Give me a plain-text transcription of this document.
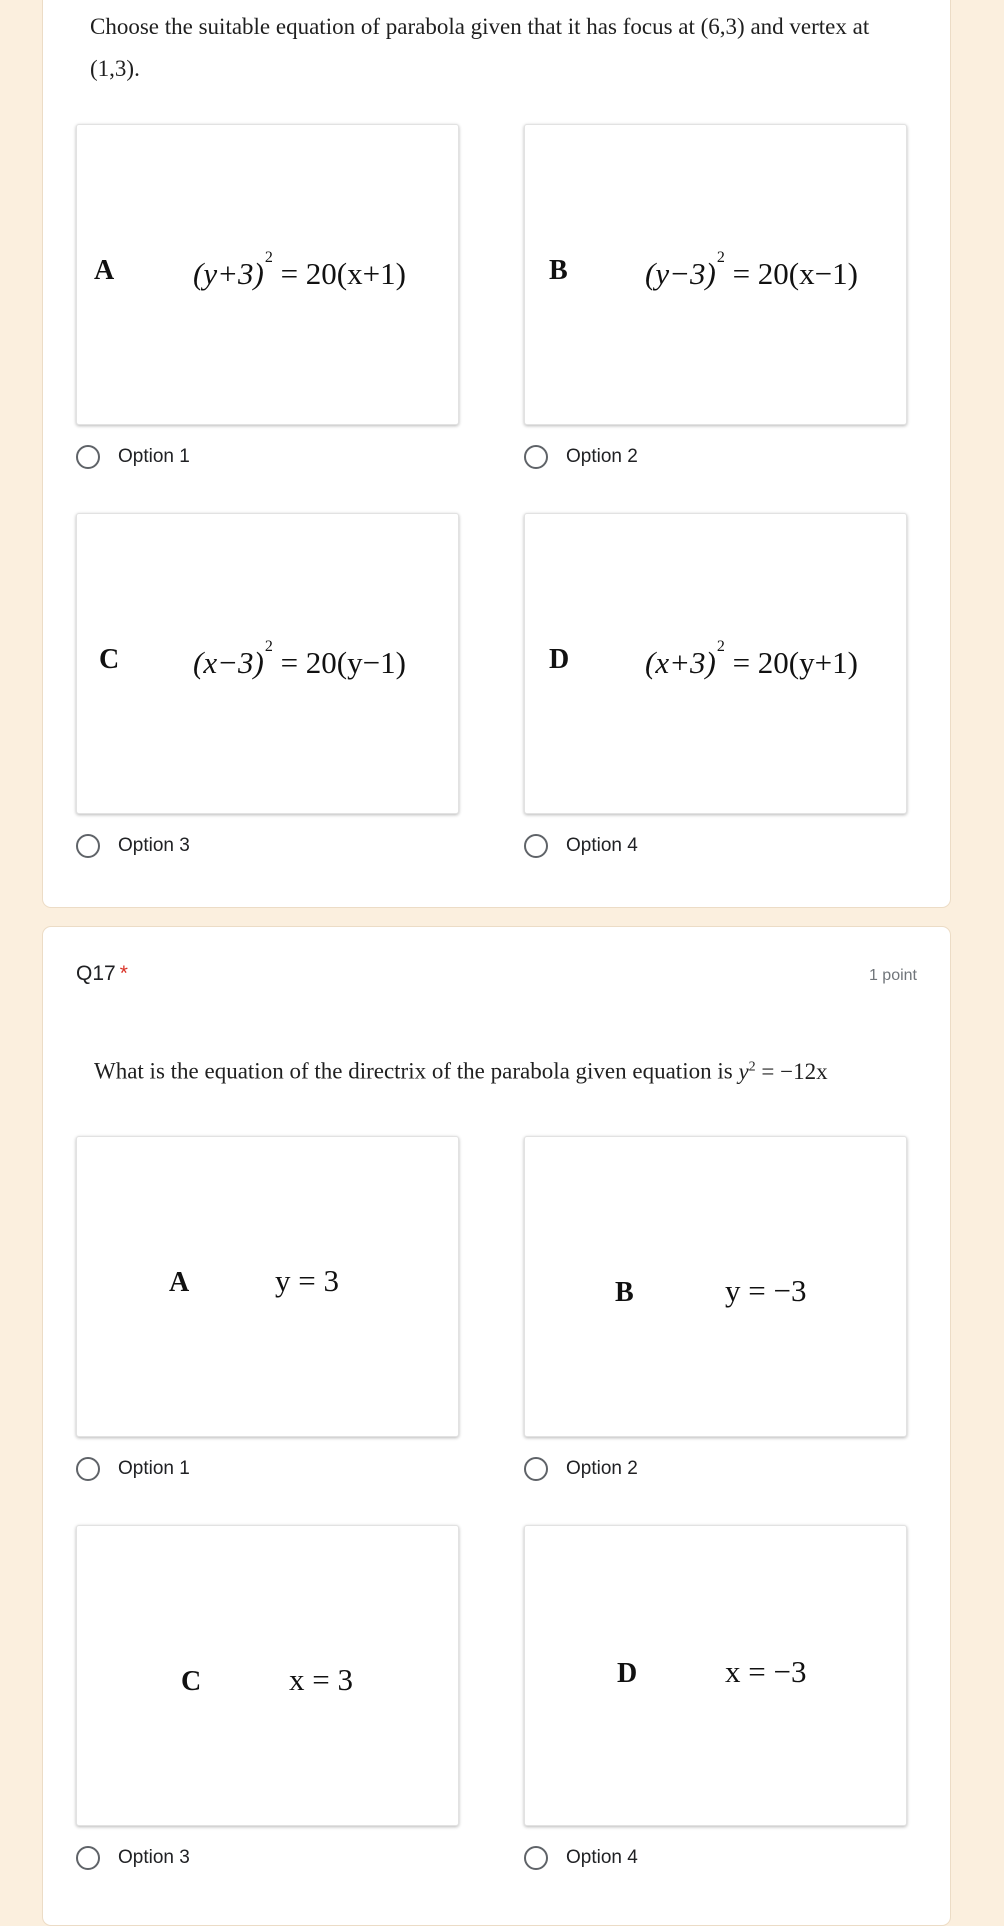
Choose the suitable equation of parabola given that it has focus at (6,3) and vertex at
(1,3).
A	$(y+3)^2 = 20(x+1)$
Option 1
B $(y-3)^2 = 20(x-1)$
Option 2
C $(x-3)^2 = 20(y-1)$
Option 3
D $(x+3)^2 = 20(y+1)$
Option 4
Q17 *	1 point
What is the equation of the directrix of the parabola given equation is $y^2 = -12x$
A	y = 3
Option 1
B	y = −3
Option 2
C	x = 3
Option 3
D	x = −3
Option 4
